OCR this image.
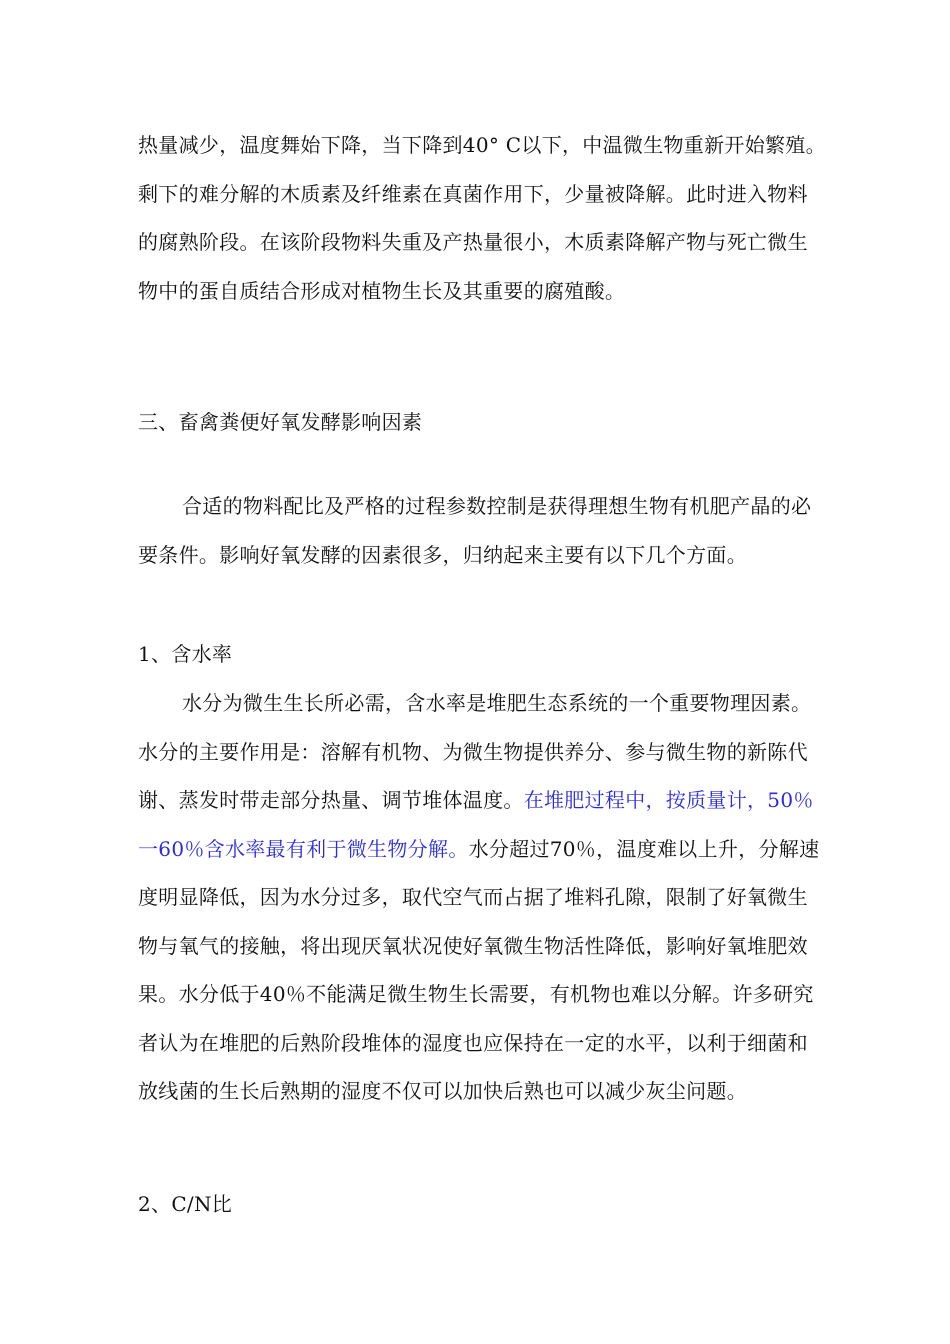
热量减少，温度舞始下降，当下降到40° C以下，中温微生物重新开始繁殖。剩下的难分解的木质素及纤维素在真菌作用下，少量被降解。此时进入物料的腐熟阶段。在该阶段物料失重及产热量很小，木质素降解产物与死亡微生物中的蛋自质结合形成对植物生长及其重要的腐殖酸。

三、畜禽粪便好氧发酵影响因素

合适的物料配比及严格的过程参数控制是获得理想生物有机肥产晶的必要条件。影响好氧发酵的因素很多，归纳起来主要有以下几个方面。

1、含水率

水分为微生生长所必需，含水率是堆肥生态系统的一个重要物理因素。水分的主要作用是：溶解有机物、为微生物提供养分、参与微生物的新陈代谢、蒸发时带走部分热量、调节堆体温度。在堆肥过程中，按质量计，50％一60％含水率最有利于微生物分解。水分超过70％，温度难以上升，分解速度明显降低，因为水分过多，取代空气而占据了堆料孔隙，限制了好氧微生物与氧气的接触，将出现厌氧状况使好氧微生物活性降低，影响好氧堆肥效果。水分低于40％不能满足微生物生长需要，有机物也难以分解。许多研究者认为在堆肥的后熟阶段堆体的湿度也应保持在一定的水平，以利于细菌和放线菌的生长后熟期的湿度不仅可以加快后熟也可以减少灰尘问题。

2、C/N比
